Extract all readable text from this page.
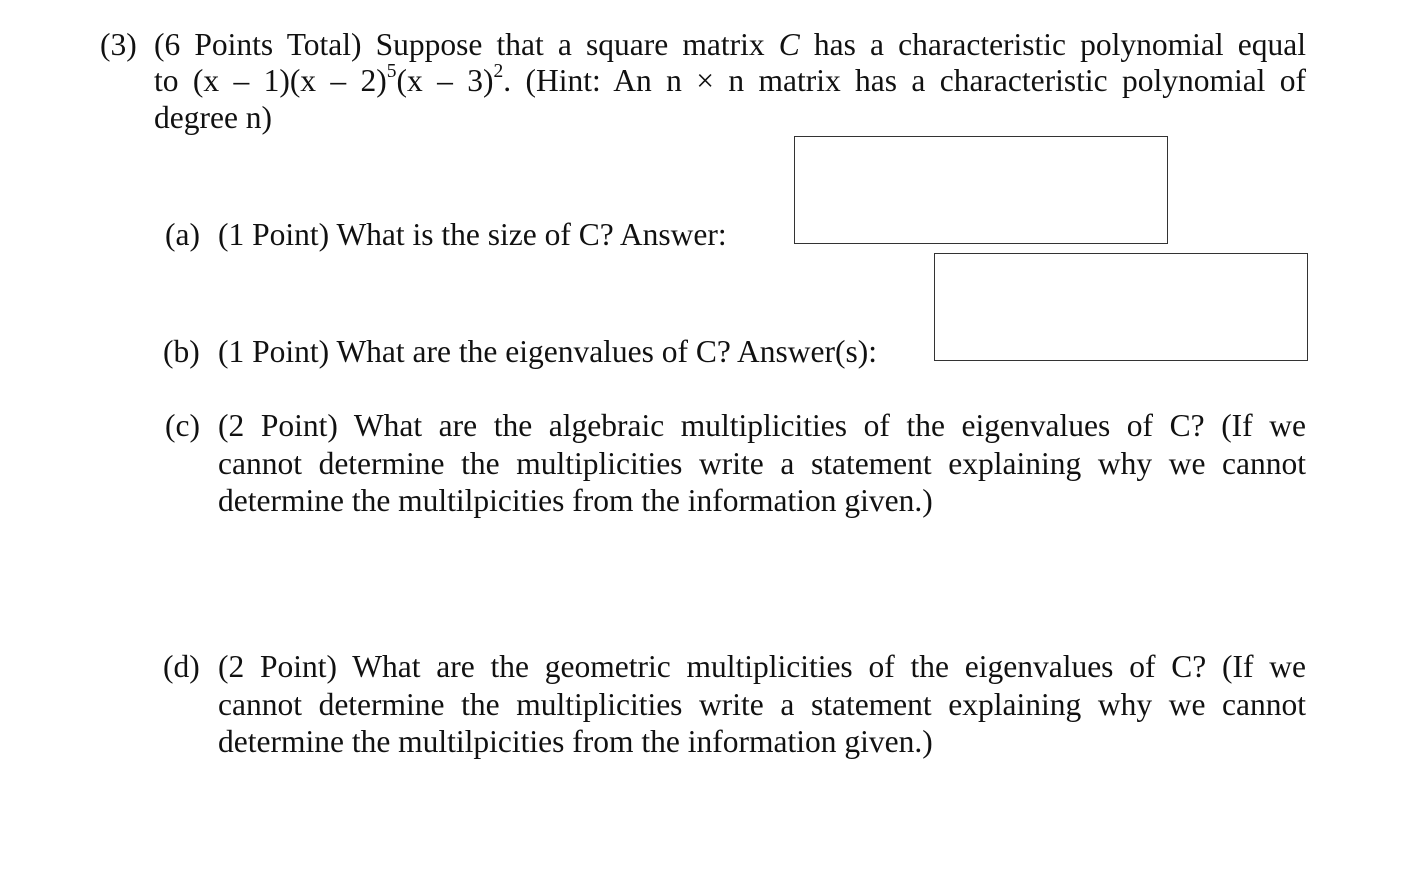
(3) (6 Points Total) Suppose that a square matrix C has a characteristic polynomial equal
to (x – 1)(x – 2)$^5$(x – 3)$^2$. (Hint: An n × n matrix has a characteristic polynomial of
degree n)
(a) (1 Point) What is the size of C? Answer:
(b) (1 Point) What are the eigenvalues of C? Answer(s):
(c) (2 Point) What are the algebraic multiplicities of the eigenvalues of C? (If we
cannot determine the multiplicities write a statement explaining why we cannot
determine the multilpicities from the information given.)
(d) (2 Point) What are the geometric multiplicities of the eigenvalues of C? (If we
cannot determine the multiplicities write a statement explaining why we cannot
determine the multilpicities from the information given.)
